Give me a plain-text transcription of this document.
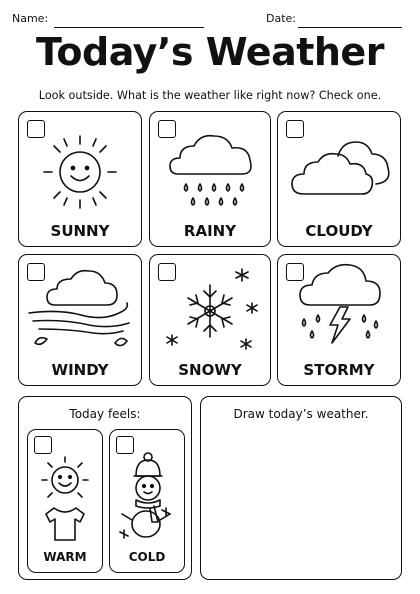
Name:	Date:
Today’s Weather
Look outside. What is the weather like right now? Check one.
SUNNY	RAINY	CLOUDY
WINDY	SNOWY	STORMY
Today feels:
WARM	COLD
Draw today’s weather.
